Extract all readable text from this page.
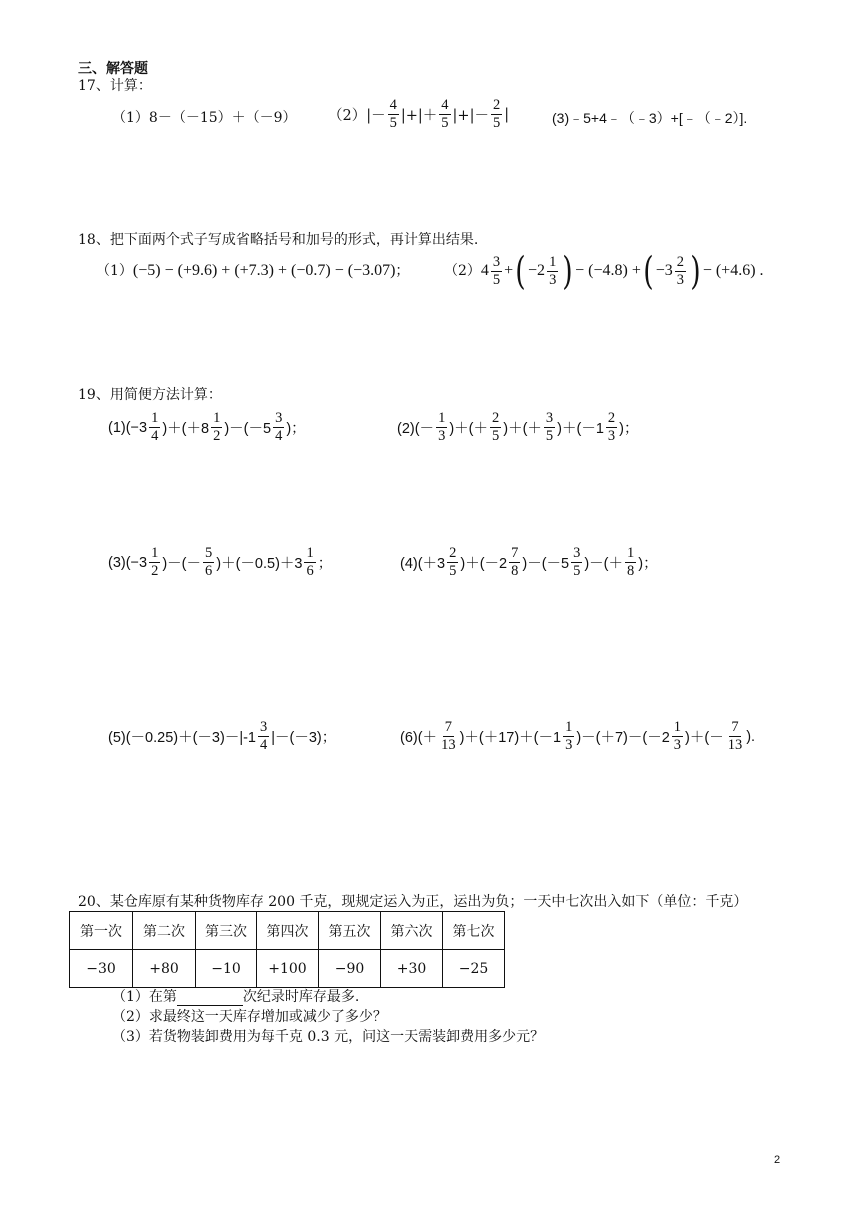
三、解答题
17、计算：
（1）8－（－15）＋（－9） $(2)|- \frac{4}{5}$ |+|＋ $\frac{4}{5}$ |+|－ $\frac{2}{5}$ |	(3)﹣5+4﹣（﹣3）+[﹣（﹣2）].
18、把下面两个式子写成省略括号和加号的形式，再计算出结果.
（1） (−5) − (+9.6) + (+7.3) + (−0.7) − (−3.07) ； （2） $4 \frac{3}{5}$ + ( $-2 \frac{1}{3}$ ) − (−4.8) + ( $-3 \frac{2}{3}$ ) − (+4.6) .
19、用简便方法计算：
$(1)(-3 \frac{1}{4} )+(+8 \frac{1}{2} )-(-5 \frac{3}{4}$ )；	$(2)(- \frac{1}{3}$ )＋(＋ $\frac{2}{5}$ )＋(＋ $\frac{3}{5} )+(-1 \frac{2}{3}$ )；
$(3)(-3 \frac{1}{2}$ )－(－ $\frac{5}{6} )+(-0.5)+3 \frac{1}{6}$ ；	$(4)(+3 \frac{2}{5} )+(-2 \frac{7}{8} )-(-5 \frac{3}{5}$ )－(＋ $\frac{1}{8}$ )；
$(5)(-0.25)+(-3)-|-1 \frac{3}{4} |-(-3)$；	$(6)(+ \frac{7}{13} )+(+17)+(-1 \frac{1}{3} )-(+7)-(-2 \frac{1}{3}$ )＋(－ $\frac{7}{13}$ ).
20、某仓库原有某种货物库存 200 千克，现规定运入为正，运出为负；一天中七次出入如下（单位：千克）
第一次	第二次	第三次	第四次	第五次	第六次	第七次
−30	+80	−10	+100	−90	+30	−25
（1）在第	次纪录时库存最多.
（2）求最终这一天库存增加或减少了多少？
（3）若货物装卸费用为每千克 0.3 元，问这一天需装卸费用多少元？
2
